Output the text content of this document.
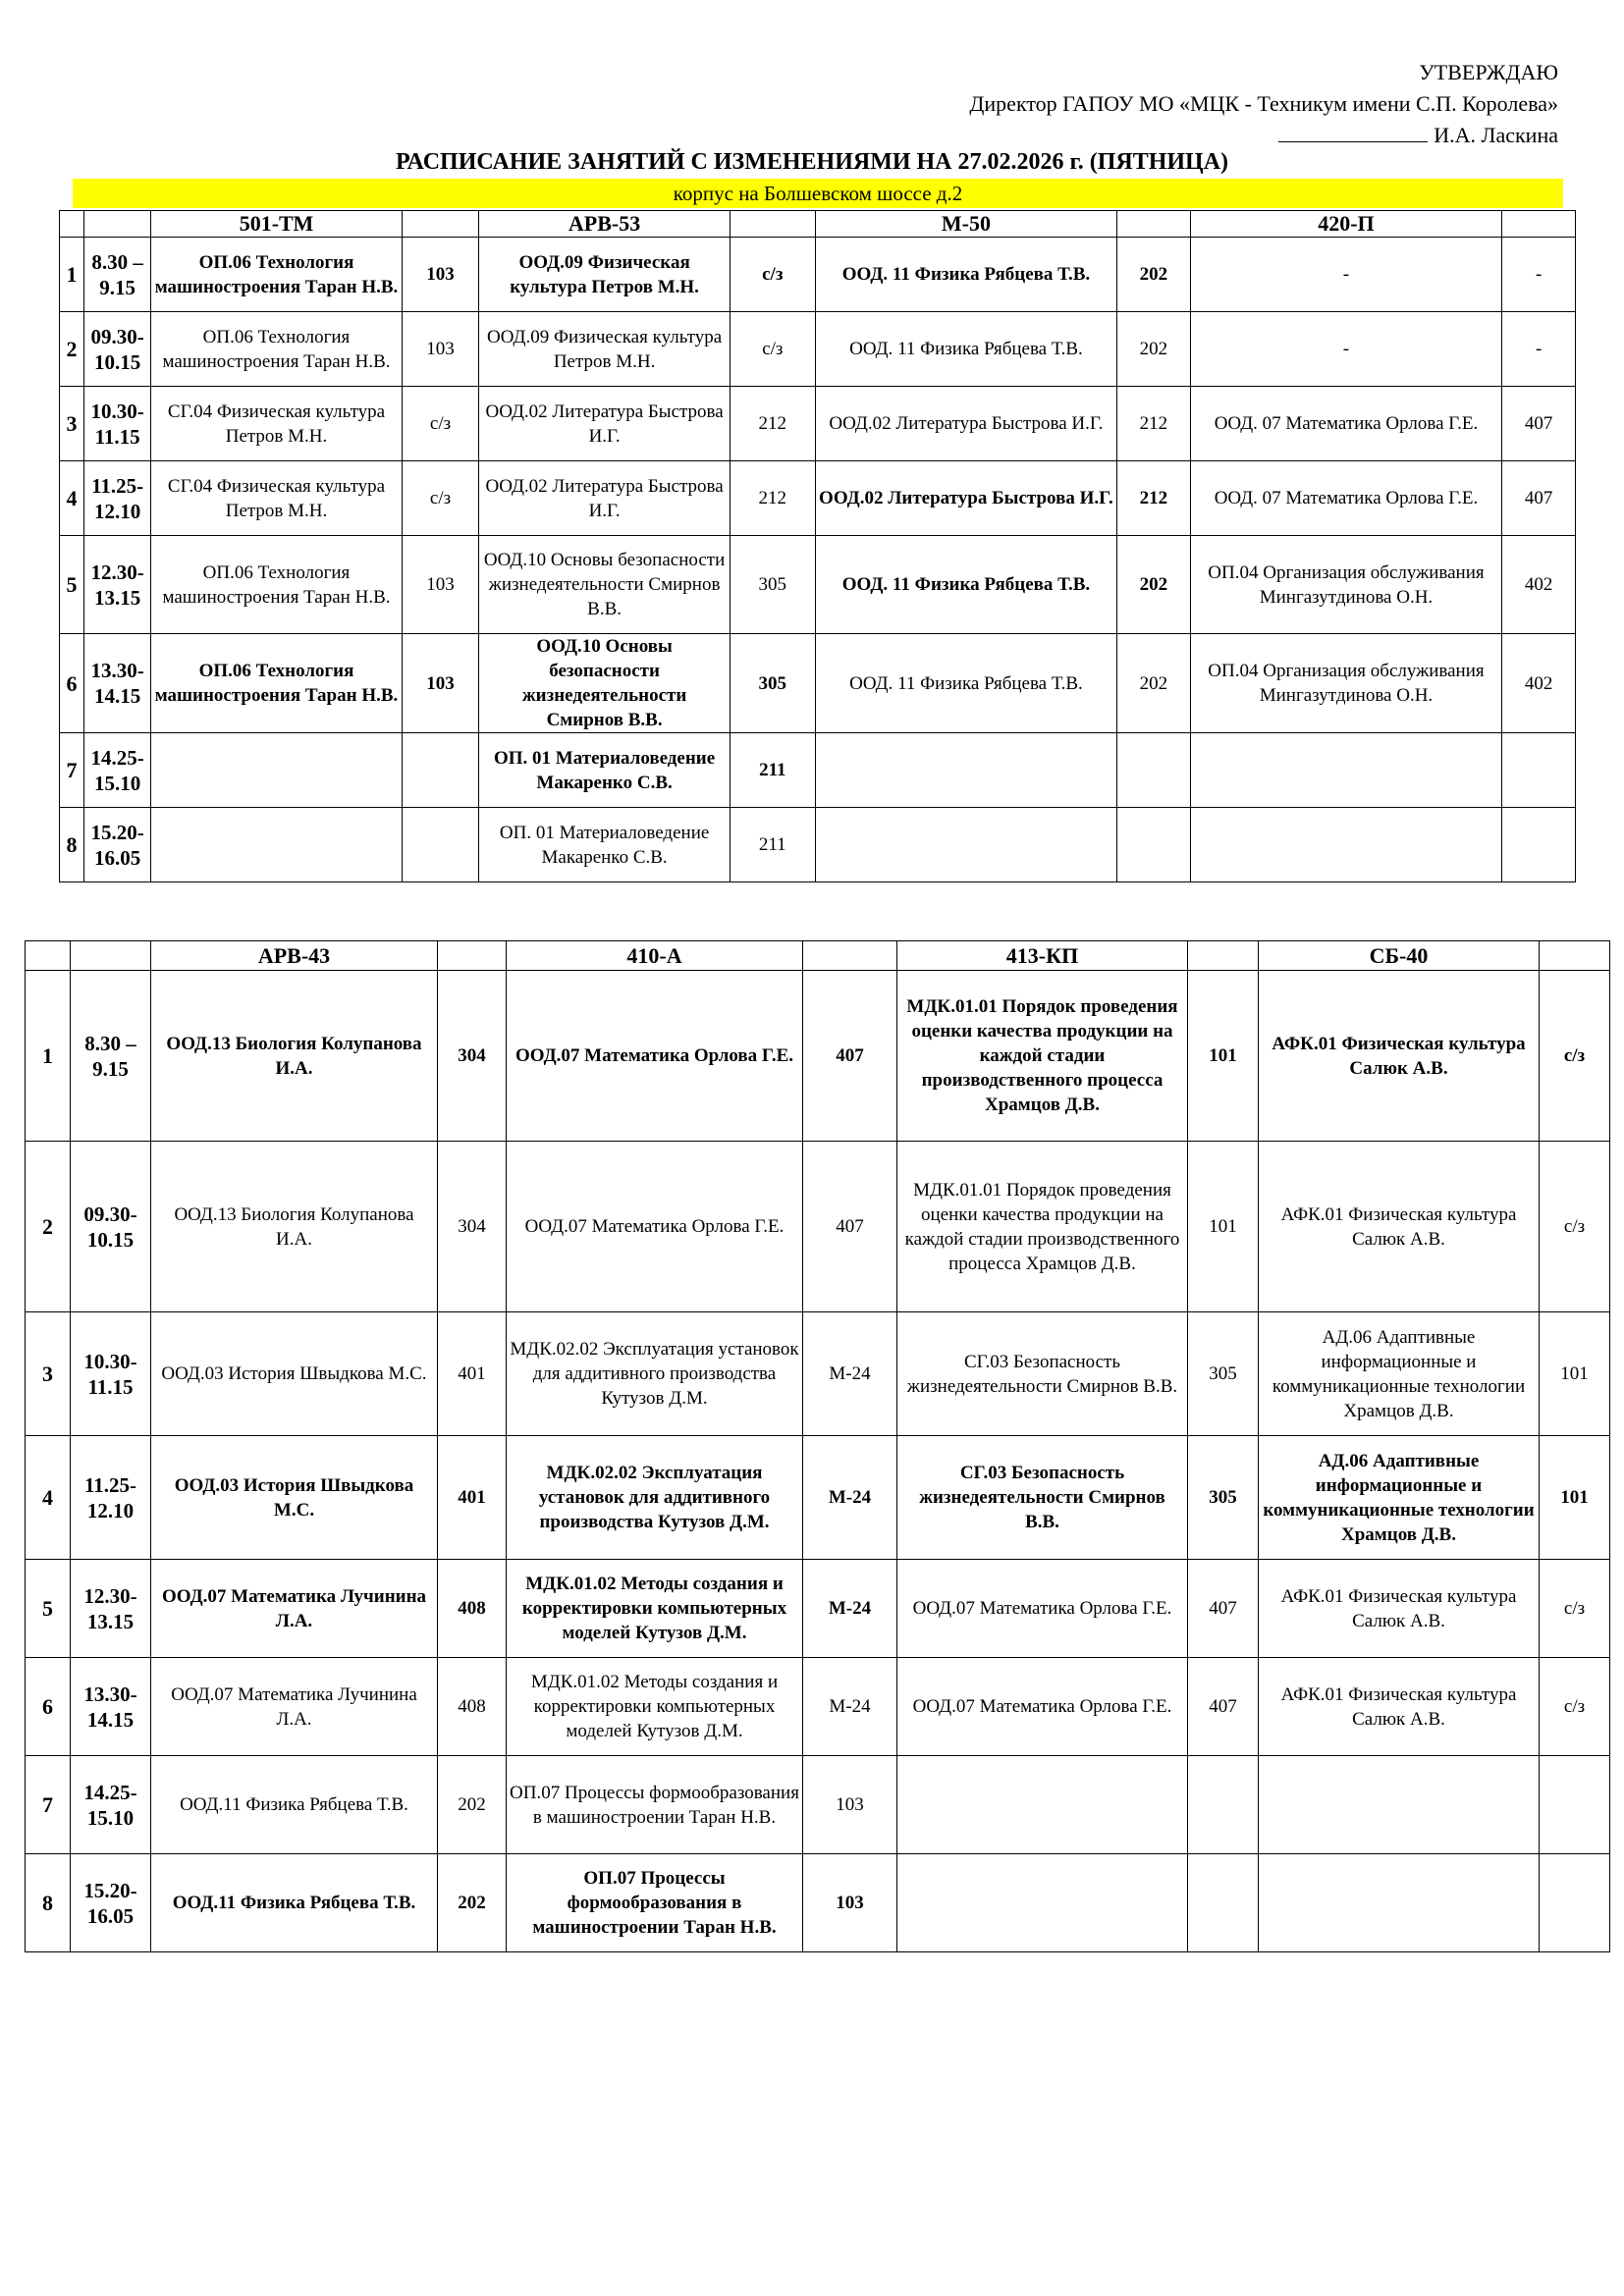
УТВЕРЖДАЮ
Директор ГАПОУ МО «МЦК - Техникум имени С.П. Королева»
И.А. Ласкина
РАСПИСАНИЕ ЗАНЯТИЙ С ИЗМЕНЕНИЯМИ НА 27.02.2026 г. (ПЯТНИЦА)
корпус на Болшевском шоссе д.2
		501-ТМ		АРВ-53		М-50		420-П	
1	8.30 – 9.15	ОП.06 Технология машиностроения Таран Н.В.	103	ООД.09 Физическая культура Петров М.Н.	с/з	ООД. 11 Физика Рябцева Т.В.	202	-	-
2	09.30- 10.15	ОП.06 Технология машиностроения Таран Н.В.	103	ООД.09 Физическая культура Петров М.Н.	с/з	ООД. 11 Физика Рябцева Т.В.	202	-	-
3	10.30- 11.15	СГ.04 Физическая культура Петров М.Н.	с/з	ООД.02 Литература Быстрова И.Г.	212	ООД.02 Литература Быстрова И.Г.	212	ООД. 07 Математика Орлова Г.Е.	407
4	11.25- 12.10	СГ.04 Физическая культура Петров М.Н.	с/з	ООД.02 Литература Быстрова И.Г.	212	ООД.02 Литература Быстрова И.Г.	212	ООД. 07 Математика Орлова Г.Е.	407
5	12.30- 13.15	ОП.06 Технология машиностроения Таран Н.В.	103	ООД.10 Основы безопасности жизнедеятельности Смирнов В.В.	305	ООД. 11 Физика Рябцева Т.В.	202	ОП.04 Организация обслуживания Мингазутдинова О.Н.	402
6	13.30- 14.15	ОП.06 Технология машиностроения Таран Н.В.	103	ООД.10 Основы безопасности жизнедеятельности Смирнов В.В.	305	ООД. 11 Физика Рябцева Т.В.	202	ОП.04 Организация обслуживания Мингазутдинова О.Н.	402
7	14.25- 15.10			ОП. 01 Материаловедение Макаренко С.В.	211				
8	15.20- 16.05			ОП. 01 Материаловедение Макаренко С.В.	211				
		АРВ-43		410-А		413-КП		СБ-40	
1	8.30 – 9.15	ООД.13 Биология Колупанова И.А.	304	ООД.07 Математика Орлова Г.Е.	407	МДК.01.01 Порядок проведения оценки качества продукции на каждой стадии производственного процесса Храмцов Д.В.	101	АФК.01 Физическая культура Салюк А.В.	с/з
2	09.30- 10.15	ООД.13 Биология Колупанова И.А.	304	ООД.07 Математика Орлова Г.Е.	407	МДК.01.01 Порядок проведения оценки качества продукции на каждой стадии производственного процесса Храмцов Д.В.	101	АФК.01 Физическая культура Салюк А.В.	с/з
3	10.30- 11.15	ООД.03 История Швыдкова М.С.	401	МДК.02.02 Эксплуатация установок для аддитивного производства Кутузов Д.М.	М-24	СГ.03 Безопасность жизнедеятельности Смирнов В.В.	305	АД.06 Адаптивные информационные и коммуникационные технологии Храмцов Д.В.	101
4	11.25- 12.10	ООД.03 История Швыдкова М.С.	401	МДК.02.02 Эксплуатация установок для аддитивного производства Кутузов Д.М.	М-24	СГ.03 Безопасность жизнедеятельности Смирнов В.В.	305	АД.06 Адаптивные информационные и коммуникационные технологии Храмцов Д.В.	101
5	12.30- 13.15	ООД.07 Математика Лучинина Л.А.	408	МДК.01.02 Методы создания и корректировки компьютерных моделей Кутузов Д.М.	М-24	ООД.07 Математика Орлова Г.Е.	407	АФК.01 Физическая культура Салюк А.В.	с/з
6	13.30- 14.15	ООД.07 Математика Лучинина Л.А.	408	МДК.01.02 Методы создания и корректировки компьютерных моделей Кутузов Д.М.	М-24	ООД.07 Математика Орлова Г.Е.	407	АФК.01 Физическая культура Салюк А.В.	с/з
7	14.25- 15.10	ООД.11 Физика Рябцева Т.В.	202	ОП.07 Процессы формообразования в машиностроении Таран Н.В.	103				
8	15.20- 16.05	ООД.11 Физика Рябцева Т.В.	202	ОП.07 Процессы формообразования в машиностроении Таран Н.В.	103				
